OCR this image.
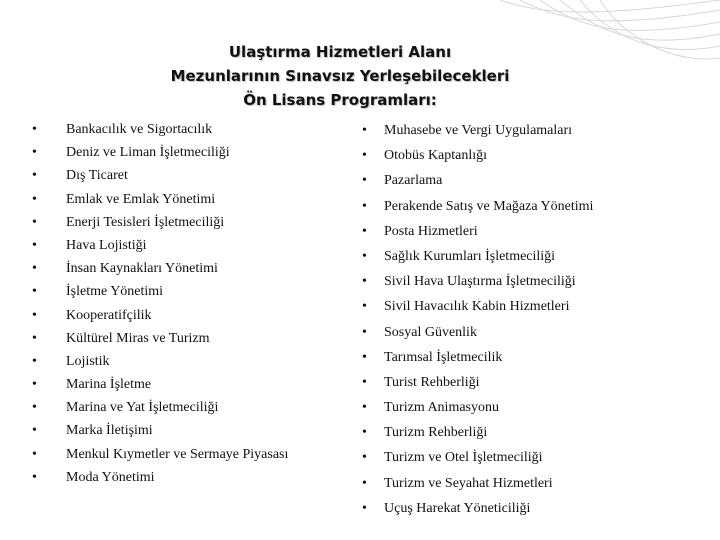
Ulaştırma Hizmetleri Alanı
Mezunlarının Sınavsız Yerleşebilecekleri
Ön Lisans Programları:
• Bankacılık ve Sigortacılık
• Deniz ve Liman İşletmeciliği
• Dış Ticaret
• Emlak ve Emlak Yönetimi
• Enerji Tesisleri İşletmeciliği
• Hava Lojistiği
• İnsan Kaynakları Yönetimi
• İşletme Yönetimi
• Kooperatifçilik
• Kültürel Miras ve Turizm
• Lojistik
• Marina İşletme
• Marina ve Yat İşletmeciliği
• Marka İletişimi
• Menkul Kıymetler ve Sermaye Piyasası
• Moda Yönetimi
• Muhasebe ve Vergi Uygulamaları
• Otobüs Kaptanlığı
• Pazarlama
• Perakende Satış ve Mağaza Yönetimi
• Posta Hizmetleri
• Sağlık Kurumları İşletmeciliği
• Sivil Hava Ulaştırma İşletmeciliği
• Sivil Havacılık Kabin Hizmetleri
• Sosyal Güvenlik
• Tarımsal İşletmecilik
• Turist Rehberliği
• Turizm Animasyonu
• Turizm Rehberliği
• Turizm ve Otel İşletmeciliği
• Turizm ve Seyahat Hizmetleri
• Uçuş Harekat Yöneticiliği
